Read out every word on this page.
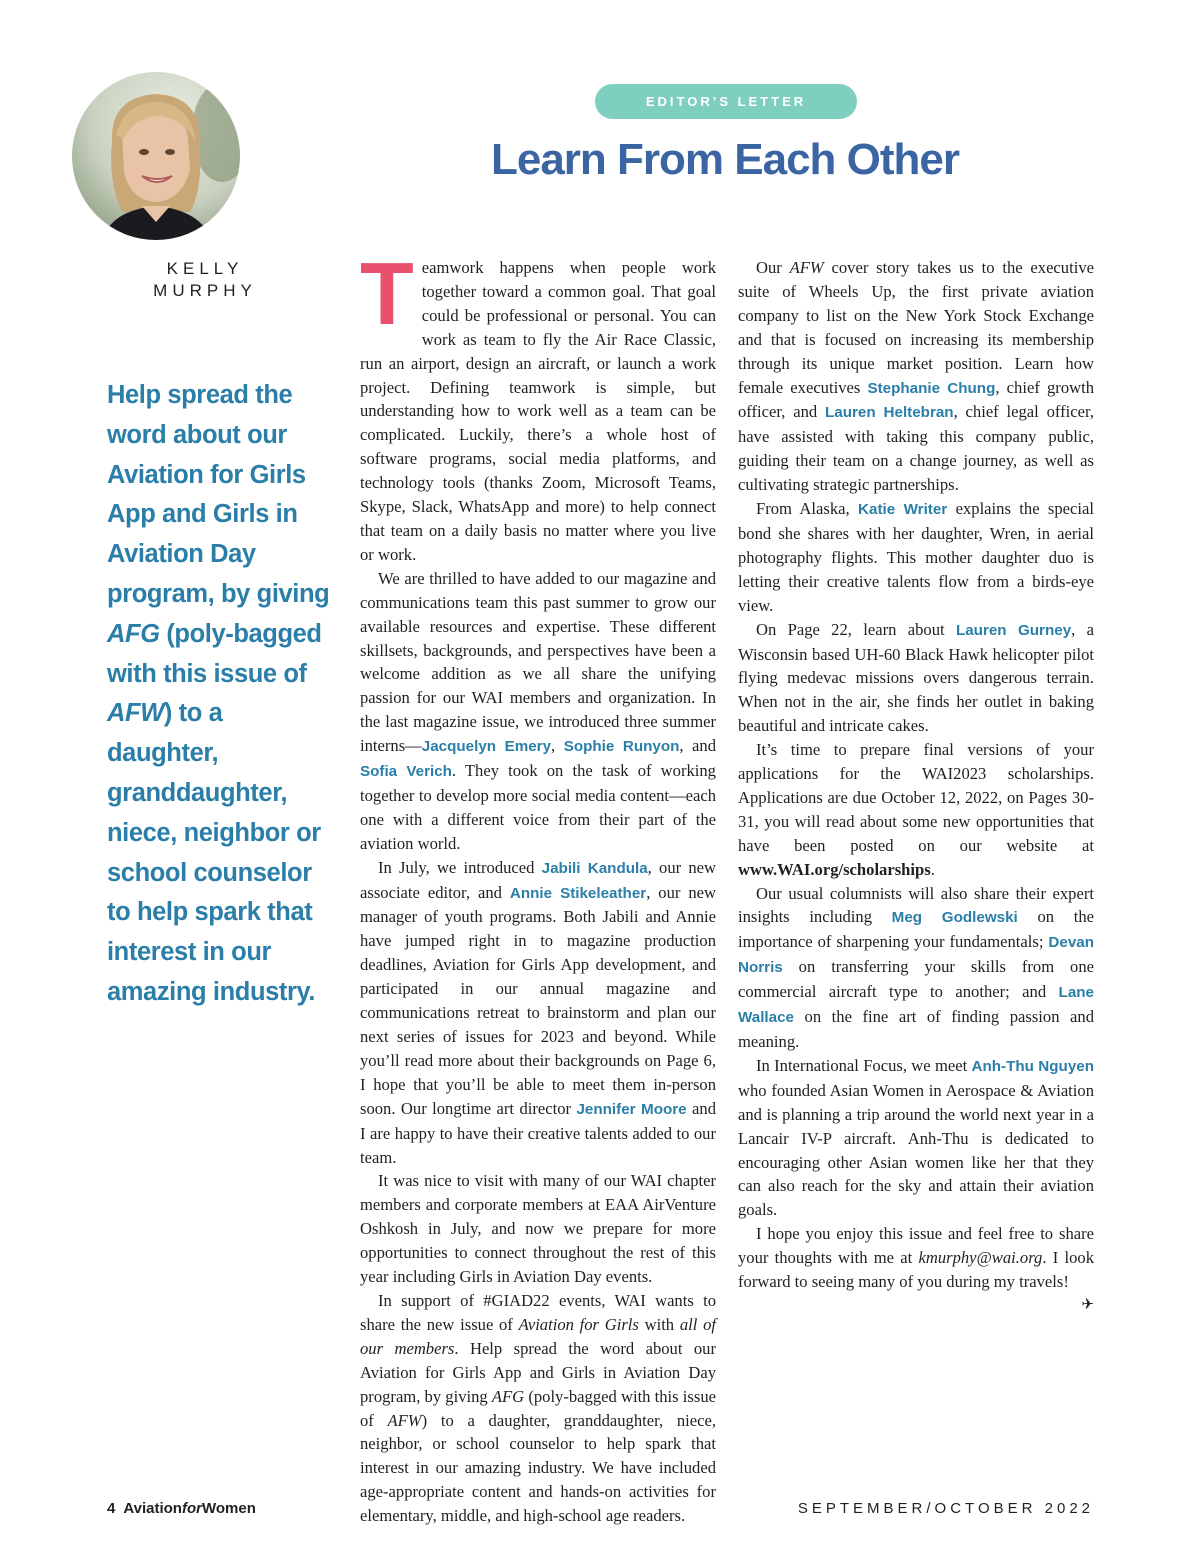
KELLY
MURPHY

Help spread the word about our Aviation for Girls App and Girls in Aviation Day program, by giving AFG (poly-bagged with this issue of AFW) to a daughter, granddaughter, niece, neighbor or school counselor to help spark that interest in our amazing industry.

EDITOR’S LETTER
Learn From Each Other

Teamwork happens when people work together toward a common goal. That goal could be professional or personal. You can work as team to fly the Air Race Classic, run an airport, design an aircraft, or launch a work project. Defining teamwork is simple, but understanding how to work well as a team can be complicated. Luckily, there’s a whole host of software programs, social media platforms, and technology tools (thanks Zoom, Microsoft Teams, Skype, Slack, WhatsApp and more) to help connect that team on a daily basis no matter where you live or work.

We are thrilled to have added to our magazine and communications team this past summer to grow our available resources and expertise. These different skillsets, backgrounds, and perspectives have been a welcome addition as we all share the unifying passion for our WAI members and organization. In the last magazine issue, we introduced three summer interns—Jacquelyn Emery, Sophie Runyon, and Sofia Verich. They took on the task of working together to develop more social media content—each one with a different voice from their part of the aviation world.

In July, we introduced Jabili Kandula, our new associate editor, and Annie Stikeleather, our new manager of youth programs. Both Jabili and Annie have jumped right in to magazine production deadlines, Aviation for Girls App development, and participated in our annual magazine and communications retreat to brainstorm and plan our next series of issues for 2023 and beyond. While you’ll read more about their backgrounds on Page 6, I hope that you’ll be able to meet them in-person soon. Our longtime art director Jennifer Moore and I are happy to have their creative talents added to our team.

It was nice to visit with many of our WAI chapter members and corporate members at EAA AirVenture Oshkosh in July, and now we prepare for more opportunities to connect throughout the rest of this year including Girls in Aviation Day events.

In support of #GIAD22 events, WAI wants to share the new issue of Aviation for Girls with all of our members. Help spread the word about our Aviation for Girls App and Girls in Aviation Day program, by giving AFG (poly-bagged with this issue of AFW) to a daughter, granddaughter, niece, neighbor, or school counselor to help spark that interest in our amazing industry. We have included age-appropriate content and hands-on activities for elementary, middle, and high-school age readers.

Our AFW cover story takes us to the executive suite of Wheels Up, the first private aviation company to list on the New York Stock Exchange and that is focused on increasing its membership through its unique market position. Learn how female executives Stephanie Chung, chief growth officer, and Lauren Heltebran, chief legal officer, have assisted with taking this company public, guiding their team on a change journey, as well as cultivating strategic partnerships.

From Alaska, Katie Writer explains the special bond she shares with her daughter, Wren, in aerial photography flights. This mother daughter duo is letting their creative talents flow from a birds-eye view.

On Page 22, learn about Lauren Gurney, a Wisconsin based UH-60 Black Hawk helicopter pilot flying medevac missions overs dangerous terrain. When not in the air, she finds her outlet in baking beautiful and intricate cakes.

It’s time to prepare final versions of your applications for the WAI2023 scholarships. Applications are due October 12, 2022, on Pages 30-31, you will read about some new opportunities that have been posted on our website at www.WAI.org/scholarships.

Our usual columnists will also share their expert insights including Meg Godlewski on the importance of sharpening your fundamentals; Devan Norris on transferring your skills from one commercial aircraft type to another; and Lane Wallace on the fine art of finding passion and meaning.

In International Focus, we meet Anh-Thu Nguyen who founded Asian Women in Aerospace & Aviation and is planning a trip around the world next year in a Lancair IV-P aircraft. Anh-Thu is dedicated to encouraging other Asian women like her that they can also reach for the sky and attain their aviation goals.

I hope you enjoy this issue and feel free to share your thoughts with me at kmurphy@wai.org. I look forward to seeing many of you during my travels!
✈

4 AviationforWomen	SEPTEMBER/OCTOBER 2022
